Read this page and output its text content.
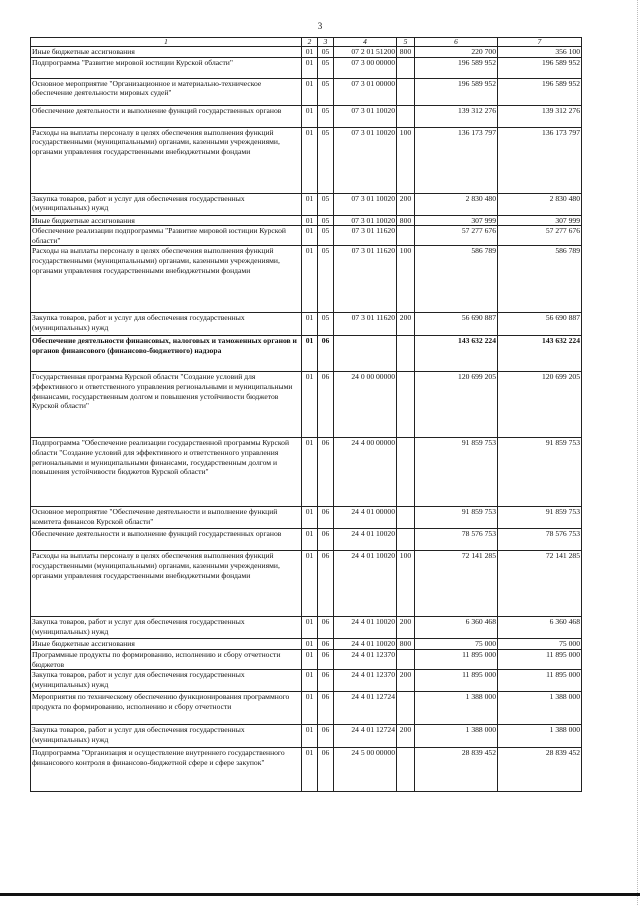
3
1	2	3	4	5	6	7
Иные бюджетные ассигнования	01	05	07 2 01 51200	800	220 700	356 100
Подпрограмма "Развитие мировой юстиции Курской области"	01	05	07 3 00 00000		196 589 952	196 589 952
Основное мероприятие "Организационное и материально-техническое обеспечение деятельности мировых судей"	01	05	07 3 01 00000		196 589 952	196 589 952
Обеспечение деятельности и выполнение функций государственных органов	01	05	07 3 01 10020		139 312 276	139 312 276
Расходы на выплаты персоналу в целях обеспечения выполнения функций государственными (муниципальными) органами, казенными учреждениями, органами управления государственными внебюджетными фондами	01	05	07 3 01 10020	100	136 173 797	136 173 797
Закупка товаров, работ и услуг для обеспечения государственных (муниципальных) нужд	01	05	07 3 01 10020	200	2 830 480	2 830 480
Иные бюджетные ассигнования	01	05	07 3 01 10020	800	307 999	307 999
Обеспечение реализации подпрограммы "Развитие мировой юстиции Курской области"	01	05	07 3 01 11620		57 277 676	57 277 676
Расходы на выплаты персоналу в целях обеспечения выполнения функций государственными (муниципальными) органами, казенными учреждениями, органами управления государственными внебюджетными фондами	01	05	07 3 01 11620	100	586 789	586 789
Закупка товаров, работ и услуг для обеспечения государственных (муниципальных) нужд	01	05	07 3 01 11620	200	56 690 887	56 690 887
Обеспечение деятельности финансовых, налоговых и таможенных органов и органов финансового (финансово-бюджетного) надзора	01	06			143 632 224	143 632 224
Государственная программа Курской области "Создание условий для эффективного и ответственного управления региональными и муниципальными финансами, государственным долгом и повышения устойчивости бюджетов Курской области"	01	06	24 0 00 00000		120 699 205	120 699 205
Подпрограмма "Обеспечение реализации государственной программы Курской области "Создание условий для эффективного и ответственного управления региональными и муниципальными финансами, государственным долгом и повышения устойчивости бюджетов Курской области"	01	06	24 4 00 00000		91 859 753	91 859 753
Основное мероприятие "Обеспечение деятельности и выполнение функций комитета финансов Курской области"	01	06	24 4 01 00000		91 859 753	91 859 753
Обеспечение деятельности и выполнение функций государственных органов	01	06	24 4 01 10020		78 576 753	78 576 753
Расходы на выплаты персоналу в целях обеспечения выполнения функций государственными (муниципальными) органами, казенными учреждениями, органами управления государственными внебюджетными фондами	01	06	24 4 01 10020	100	72 141 285	72 141 285
Закупка товаров, работ и услуг для обеспечения государственных (муниципальных) нужд	01	06	24 4 01 10020	200	6 360 468	6 360 468
Иные бюджетные ассигнования	01	06	24 4 01 10020	800	75 000	75 000
Программные продукты по формированию, исполнению и сбору отчетности бюджетов	01	06	24 4 01 12370		11 895 000	11 895 000
Закупка товаров, работ и услуг для обеспечения государственных (муниципальных) нужд	01	06	24 4 01 12370	200	11 895 000	11 895 000
Мероприятия по техническому обеспечению функционирования программного продукта по формированию, исполнению и сбору отчетности	01	06	24 4 01 12724		1 388 000	1 388 000
Закупка товаров, работ и услуг для обеспечения государственных (муниципальных) нужд	01	06	24 4 01 12724	200	1 388 000	1 388 000
Подпрограмма "Организация и осуществление внутреннего государственного финансового контроля в финансово-бюджетной сфере и сфере закупок"	01	06	24 5 00 00000		28 839 452	28 839 452
